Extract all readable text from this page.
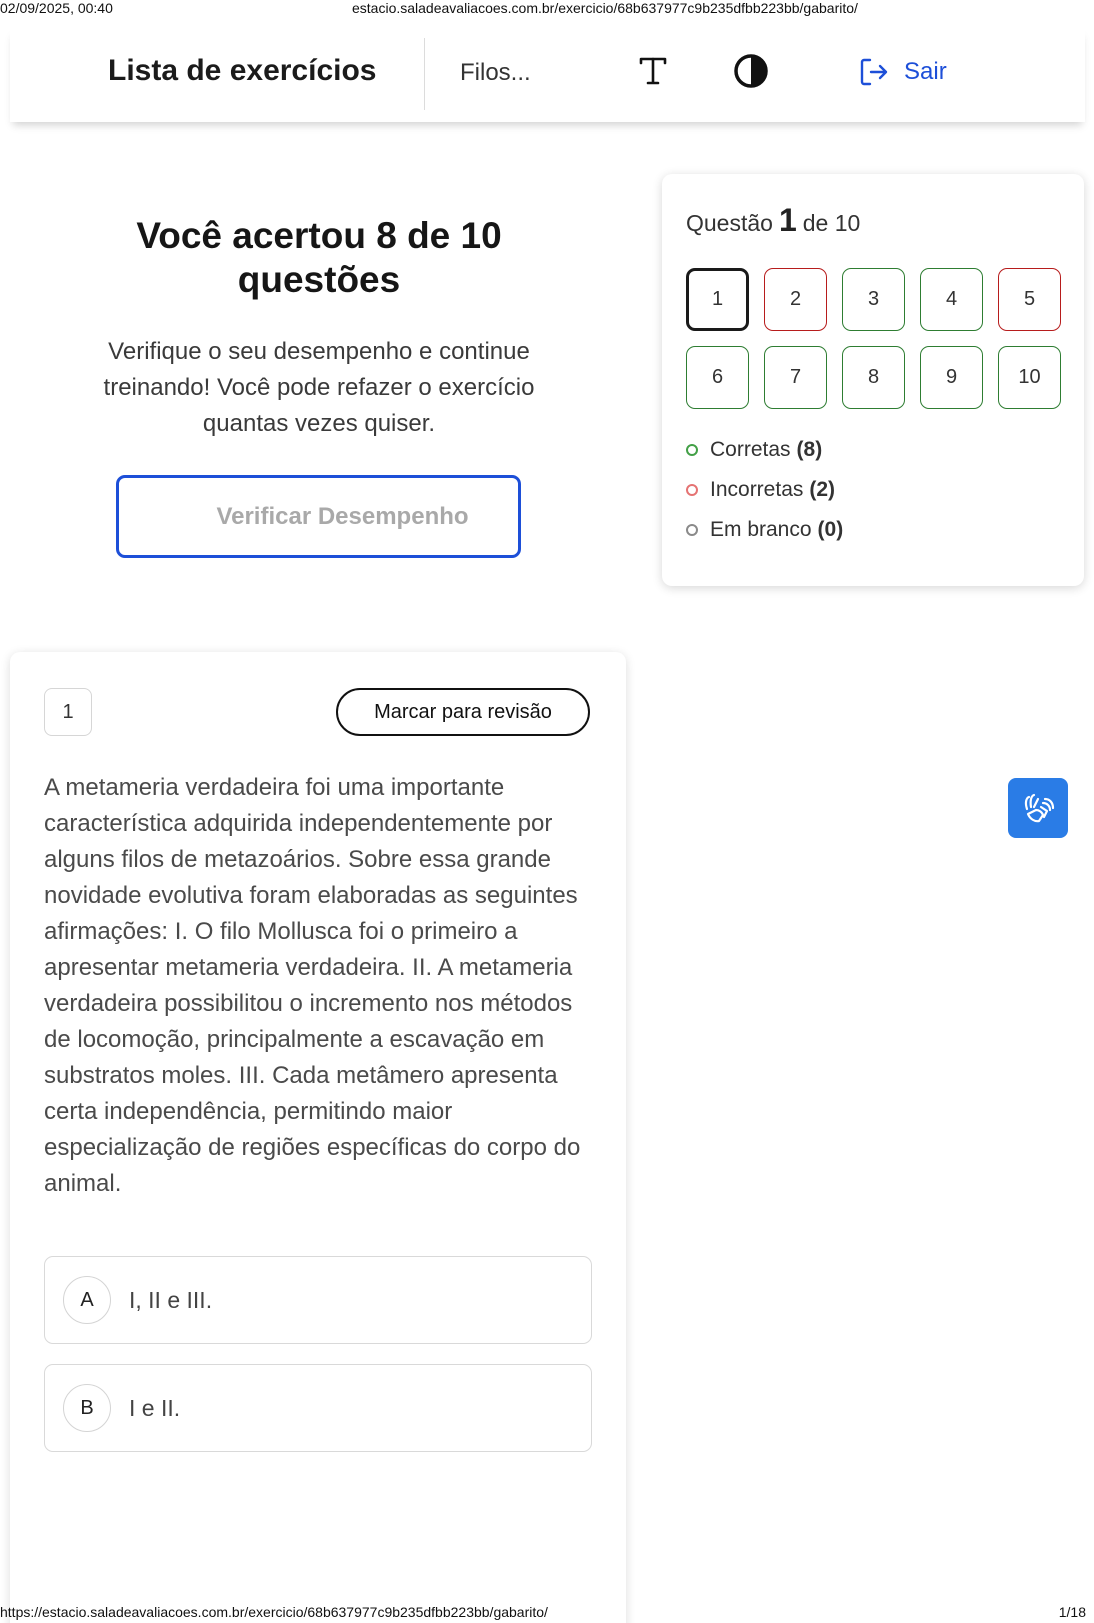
02/09/2025, 00:40	estacio.saladeavaliacoes.com.br/exercicio/68b637977c9b235dfbb223bb/gabarito/
Lista de exercícios	Filos...	Sair
Você acertou 8 de 10 questões
Verifique o seu desempenho e continue treinando! Você pode refazer o exercício quantas vezes quiser.
Verificar Desempenho
Questão 1 de 10
1	2	3	4	5
6	7	8	9	10
Corretas (8)
Incorretas (2)
Em branco (0)
1	Marcar para revisão
A metameria verdadeira foi uma importante característica adquirida independentemente por alguns filos de metazoários. Sobre essa grande novidade evolutiva foram elaboradas as seguintes afirmações: I. O filo Mollusca foi o primeiro a apresentar metameria verdadeira. II. A metameria verdadeira possibilitou o incremento nos métodos de locomoção, principalmente a escavação em substratos moles. III. Cada metâmero apresenta certa independência, permitindo maior especialização de regiões específicas do corpo do animal.
A	I, II e III.
B	I e II.
https://estacio.saladeavaliacoes.com.br/exercicio/68b637977c9b235dfbb223bb/gabarito/	1/18
